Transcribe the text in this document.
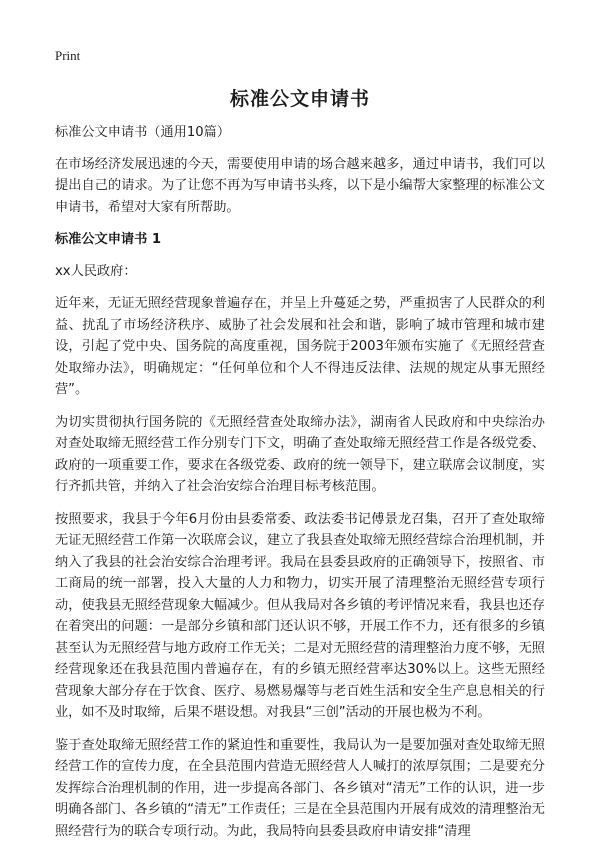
Print
标准公文申请书

标准公文申请书（通用10篇）

在市场经济发展迅速的今天，需要使用申请的场合越来越多，通过申请书，我们可以提出自己的请求。为了让您不再为写申请书头疼，以下是小编帮大家整理的标准公文申请书，希望对大家有所帮助。

标准公文申请书 1

xx人民政府：

近年来，无证无照经营现象普遍存在，并呈上升蔓延之势，严重损害了人民群众的利益、扰乱了市场经济秩序、威胁了社会发展和社会和谐，影响了城市管理和城市建设，引起了党中央、国务院的高度重视，国务院于2003年颁布实施了《无照经营查处取缔办法》，明确规定：“任何单位和个人不得违反法律、法规的规定从事无照经营”。

为切实贯彻执行国务院的《无照经营查处取缔办法》，湖南省人民政府和中央综治办对查处取缔无照经营工作分别专门下文，明确了查处取缔无照经营工作是各级党委、政府的一项重要工作，要求在各级党委、政府的统一领导下，建立联席会议制度，实行齐抓共管，并纳入了社会治安综合治理目标考核范围。

按照要求，我县于今年6月份由县委常委、政法委书记傅景龙召集，召开了查处取缔无证无照经营工作第一次联席会议，建立了我县查处取缔无照经营综合治理机制，并纳入了我县的社会治安综合治理考评。我局在县委县政府的正确领导下，按照省、市工商局的统一部署，投入大量的人力和物力，切实开展了清理整治无照经营专项行动，使我县无照经营现象大幅减少。但从我局对各乡镇的考评情况来看，我县也还存在着突出的问题：一是部分乡镇和部门还认识不够，开展工作不力，还有很多的乡镇甚至认为无照经营与地方政府工作无关；二是对无照经营的清理整治力度不够，无照经营现象还在我县范围内普遍存在，有的乡镇无照经营率达30%以上。这些无照经营现象大部分存在于饮食、医疗、易燃易爆等与老百姓生活和安全生产息息相关的行业，如不及时取缔，后果不堪设想。对我县“三创”活动的开展也极为不利。

鉴于查处取缔无照经营工作的紧迫性和重要性，我局认为一是要加强对查处取缔无照经营工作的宣传力度，在全县范围内营造无照经营人人喊打的浓厚氛围；二是要充分发挥综合治理机制的作用，进一步提高各部门、各乡镇对“清无”工作的认识，进一步明确各部门、各乡镇的“清无”工作责任；三是在全县范围内开展有成效的清理整治无照经营行为的联合专项行动。为此，我局特向县委县政府申请安排“清理
